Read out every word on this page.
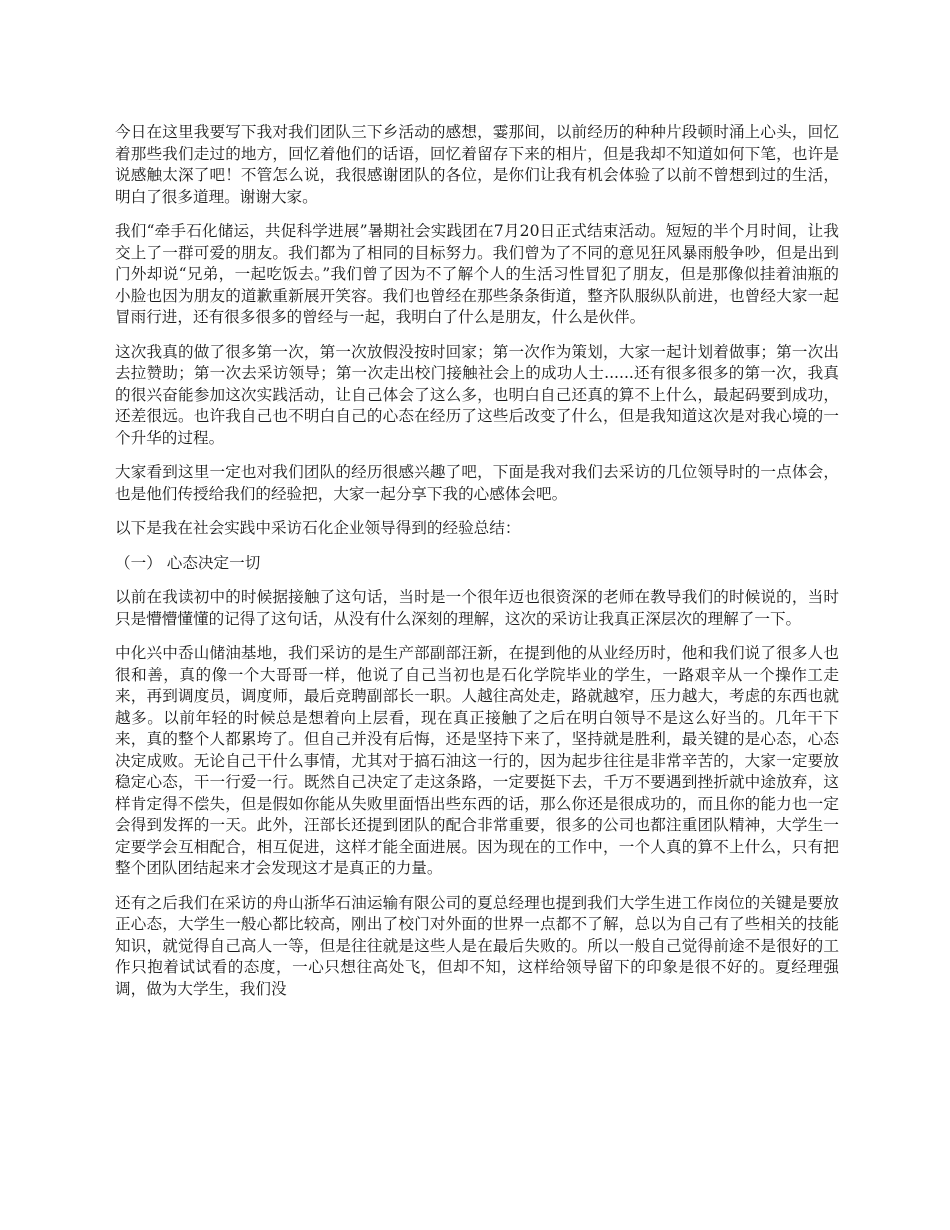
今日在这里我要写下我对我们团队三下乡活动的感想，霎那间，以前经历的种种片段顿时涌上心头，回忆着那些我们走过的地方，回忆着他们的话语，回忆着留存下来的相片，但是我却不知道如何下笔，也许是说感触太深了吧！不管怎么说，我很感谢团队的各位，是你们让我有机会体验了以前不曾想到过的生活，明白了很多道理。谢谢大家。

我们“牵手石化储运，共促科学进展”暑期社会实践团在7月20日正式结束活动。短短的半个月时间，让我交上了一群可爱的朋友。我们都为了相同的目标努力。我们曾为了不同的意见狂风暴雨般争吵，但是出到门外却说“兄弟，一起吃饭去。”我们曾了因为不了解个人的生活习性冒犯了朋友，但是那像似挂着油瓶的小脸也因为朋友的道歉重新展开笑容。我们也曾经在那些条条街道，整齐队服纵队前进，也曾经大家一起冒雨行进，还有很多很多的曾经与一起，我明白了什么是朋友，什么是伙伴。

这次我真的做了很多第一次，第一次放假没按时回家；第一次作为策划，大家一起计划着做事；第一次出去拉赞助；第一次去采访领导；第一次走出校门接触社会上的成功人士......还有很多很多的第一次，我真的很兴奋能参加这次实践活动，让自己体会了这么多，也明白自己还真的算不上什么，最起码要到成功，还差很远。也许我自己也不明白自己的心态在经历了这些后改变了什么，但是我知道这次是对我心境的一个升华的过程。

大家看到这里一定也对我们团队的经历很感兴趣了吧，下面是我对我们去采访的几位领导时的一点体会，也是他们传授给我们的经验把，大家一起分享下我的心感体会吧。

以下是我在社会实践中采访石化企业领导得到的经验总结：

（一） 心态决定一切

以前在我读初中的时候据接触了这句话，当时是一个很年迈也很资深的老师在教导我们的时候说的，当时只是懵懵懂懂的记得了这句话，从没有什么深刻的理解，这次的采访让我真正深层次的理解了一下。

中化兴中岙山储油基地，我们采访的是生产部副部汪新，在提到他的从业经历时，他和我们说了很多人也很和善，真的像一个大哥哥一样，他说了自己当初也是石化学院毕业的学生，一路艰辛从一个操作工走来，再到调度员，调度师，最后竞聘副部长一职。人越往高处走，路就越窄，压力越大，考虑的东西也就越多。以前年轻的时候总是想着向上层看，现在真正接触了之后在明白领导不是这么好当的。几年干下来，真的整个人都累垮了。但自己并没有后悔，还是坚持下来了，坚持就是胜利，最关键的是心态，心态决定成败。无论自己干什么事情，尤其对于搞石油这一行的，因为起步往往是非常辛苦的，大家一定要放稳定心态，干一行爱一行。既然自己决定了走这条路，一定要挺下去，千万不要遇到挫折就中途放弃，这样肯定得不偿失，但是假如你能从失败里面悟出些东西的话，那么你还是很成功的，而且你的能力也一定会得到发挥的一天。此外，汪部长还提到团队的配合非常重要，很多的公司也都注重团队精神，大学生一定要学会互相配合，相互促进，这样才能全面进展。因为现在的工作中，一个人真的算不上什么，只有把整个团队团结起来才会发现这才是真正的力量。

还有之后我们在采访的舟山浙华石油运输有限公司的夏总经理也提到我们大学生进工作岗位的关键是要放正心态，大学生一般心都比较高，刚出了校门对外面的世界一点都不了解，总以为自己有了些相关的技能知识，就觉得自己高人一等，但是往往就是这些人是在最后失败的。所以一般自己觉得前途不是很好的工作只抱着试试看的态度，一心只想往高处飞，但却不知，这样给领导留下的印象是很不好的。夏经理强调，做为大学生，我们没
